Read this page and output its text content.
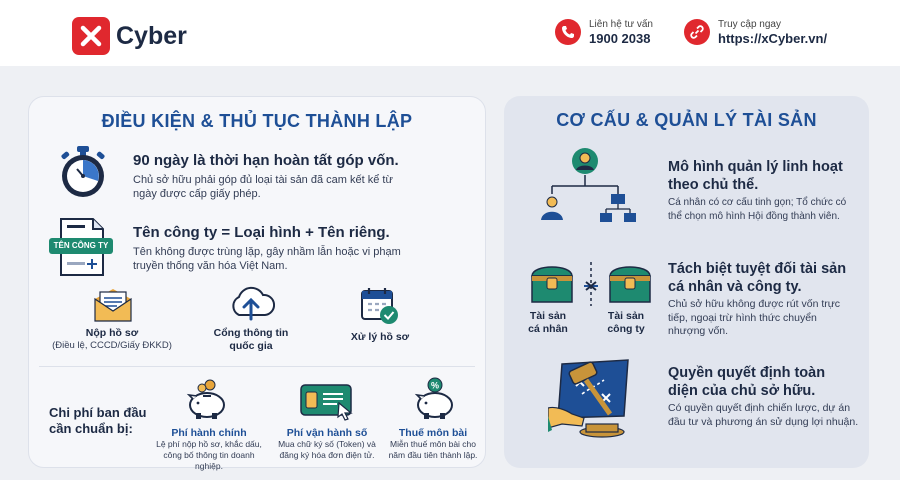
Cyber	Liên hệ tư vấn
1900 2038
Truy cập ngay
https://xCyber.vn/
ĐIỀU KIỆN & THỦ TỤC THÀNH LẬP
90 ngày là thời hạn hoàn tất góp vốn.
Chủ sở hữu phải góp đủ loại tài sản đã cam kết kể từ
ngày được cấp giấy phép.
TÊN CÔNG TY
Tên công ty = Loại hình + Tên riêng.
Tên không được trùng lặp, gây nhầm lẫn hoặc vi phạm
truyền thống văn hóa Việt Nam.
Nộp hồ sơ
(Điều lệ, CCCD/Giấy ĐKKD)
Cổng thông tin
quốc gia
Xử lý hồ sơ
Chi phí ban đầu
cần chuẩn bị:	Phí hành chính
Lệ phí nộp hồ sơ, khắc dấu,
công bố thông tin doanh
nghiệp.
Phí vận hành số
Mua chữ ký số (Token) và
đăng ký hóa đơn điện tử.
%
Thuế môn bài
Miễn thuế môn bài cho
năm đầu tiên thành lập.
CƠ CẤU & QUẢN LÝ TÀI SẢN
Mô hình quản lý linh hoạt
theo chủ thể.
Cá nhân có cơ cấu tinh gọn; Tổ chức có
thể chọn mô hình Hội đồng thành viên.
Tài sản
cá nhân
Tài sản
công ty
Tách biệt tuyệt đối tài sản
cá nhân và công ty.
Chủ sở hữu không được rút vốn trực
tiếp, ngoại trừ hình thức chuyển
nhượng vốn.
Quyền quyết định toàn
diện của chủ sở hữu.
Có quyền quyết định chiến lược, dự án
đầu tư và phương án sử dụng lợi nhuận.
